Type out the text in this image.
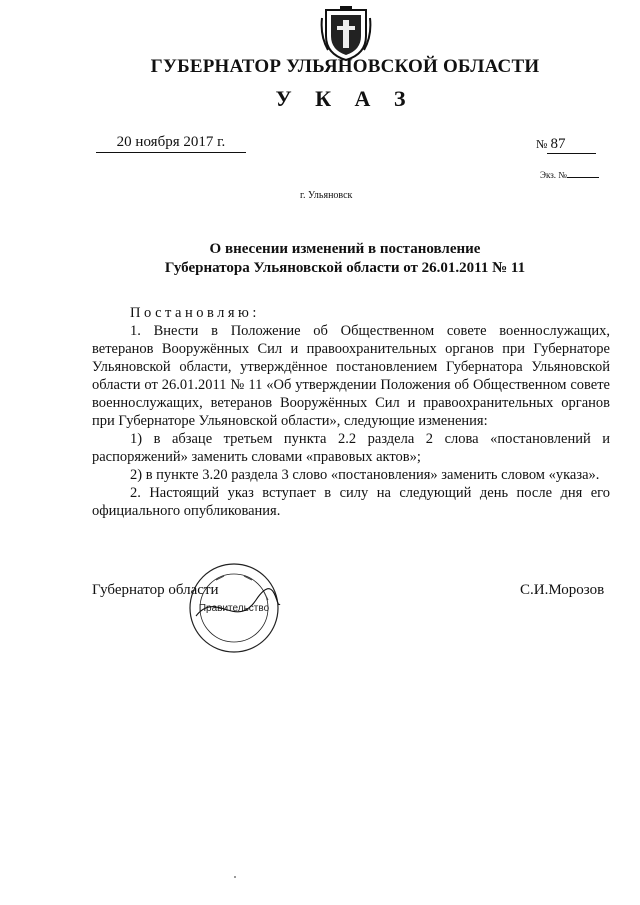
ГУБЕРНАТОР УЛЬЯНОВСКОЙ ОБЛАСТИ
У К А З
20 ноября 2017 г.	№ 87
Экз. №
г. Ульяновск
О внесении изменений в постановление
Губернатора Ульяновской области от 26.01.2011 № 11

Постановляю:

1. Внести в Положение об Общественном совете военнослужащих, ветеранов Вооружённых Сил и правоохранительных органов при Губернаторе Ульяновской области, утверждённое постановлением Губернатора Ульяновской области от 26.01.2011 № 11 «Об утверждении Положения об Общественном совете военнослужащих, ветеранов Вооружённых Сил и правоохранительных органов при Губернаторе Ульяновской области», следующие изменения:

1) в абзаце третьем пункта 2.2 раздела 2 слова «постановлений и распоряжений» заменить словами «правовых актов»;

2) в пункте 3.20 раздела 3 слово «постановления» заменить словом «указа».

2. Настоящий указ вступает в силу на следующий день после дня его официального опубликования.

Губернатор области	С.И.Морозов
Правительство
